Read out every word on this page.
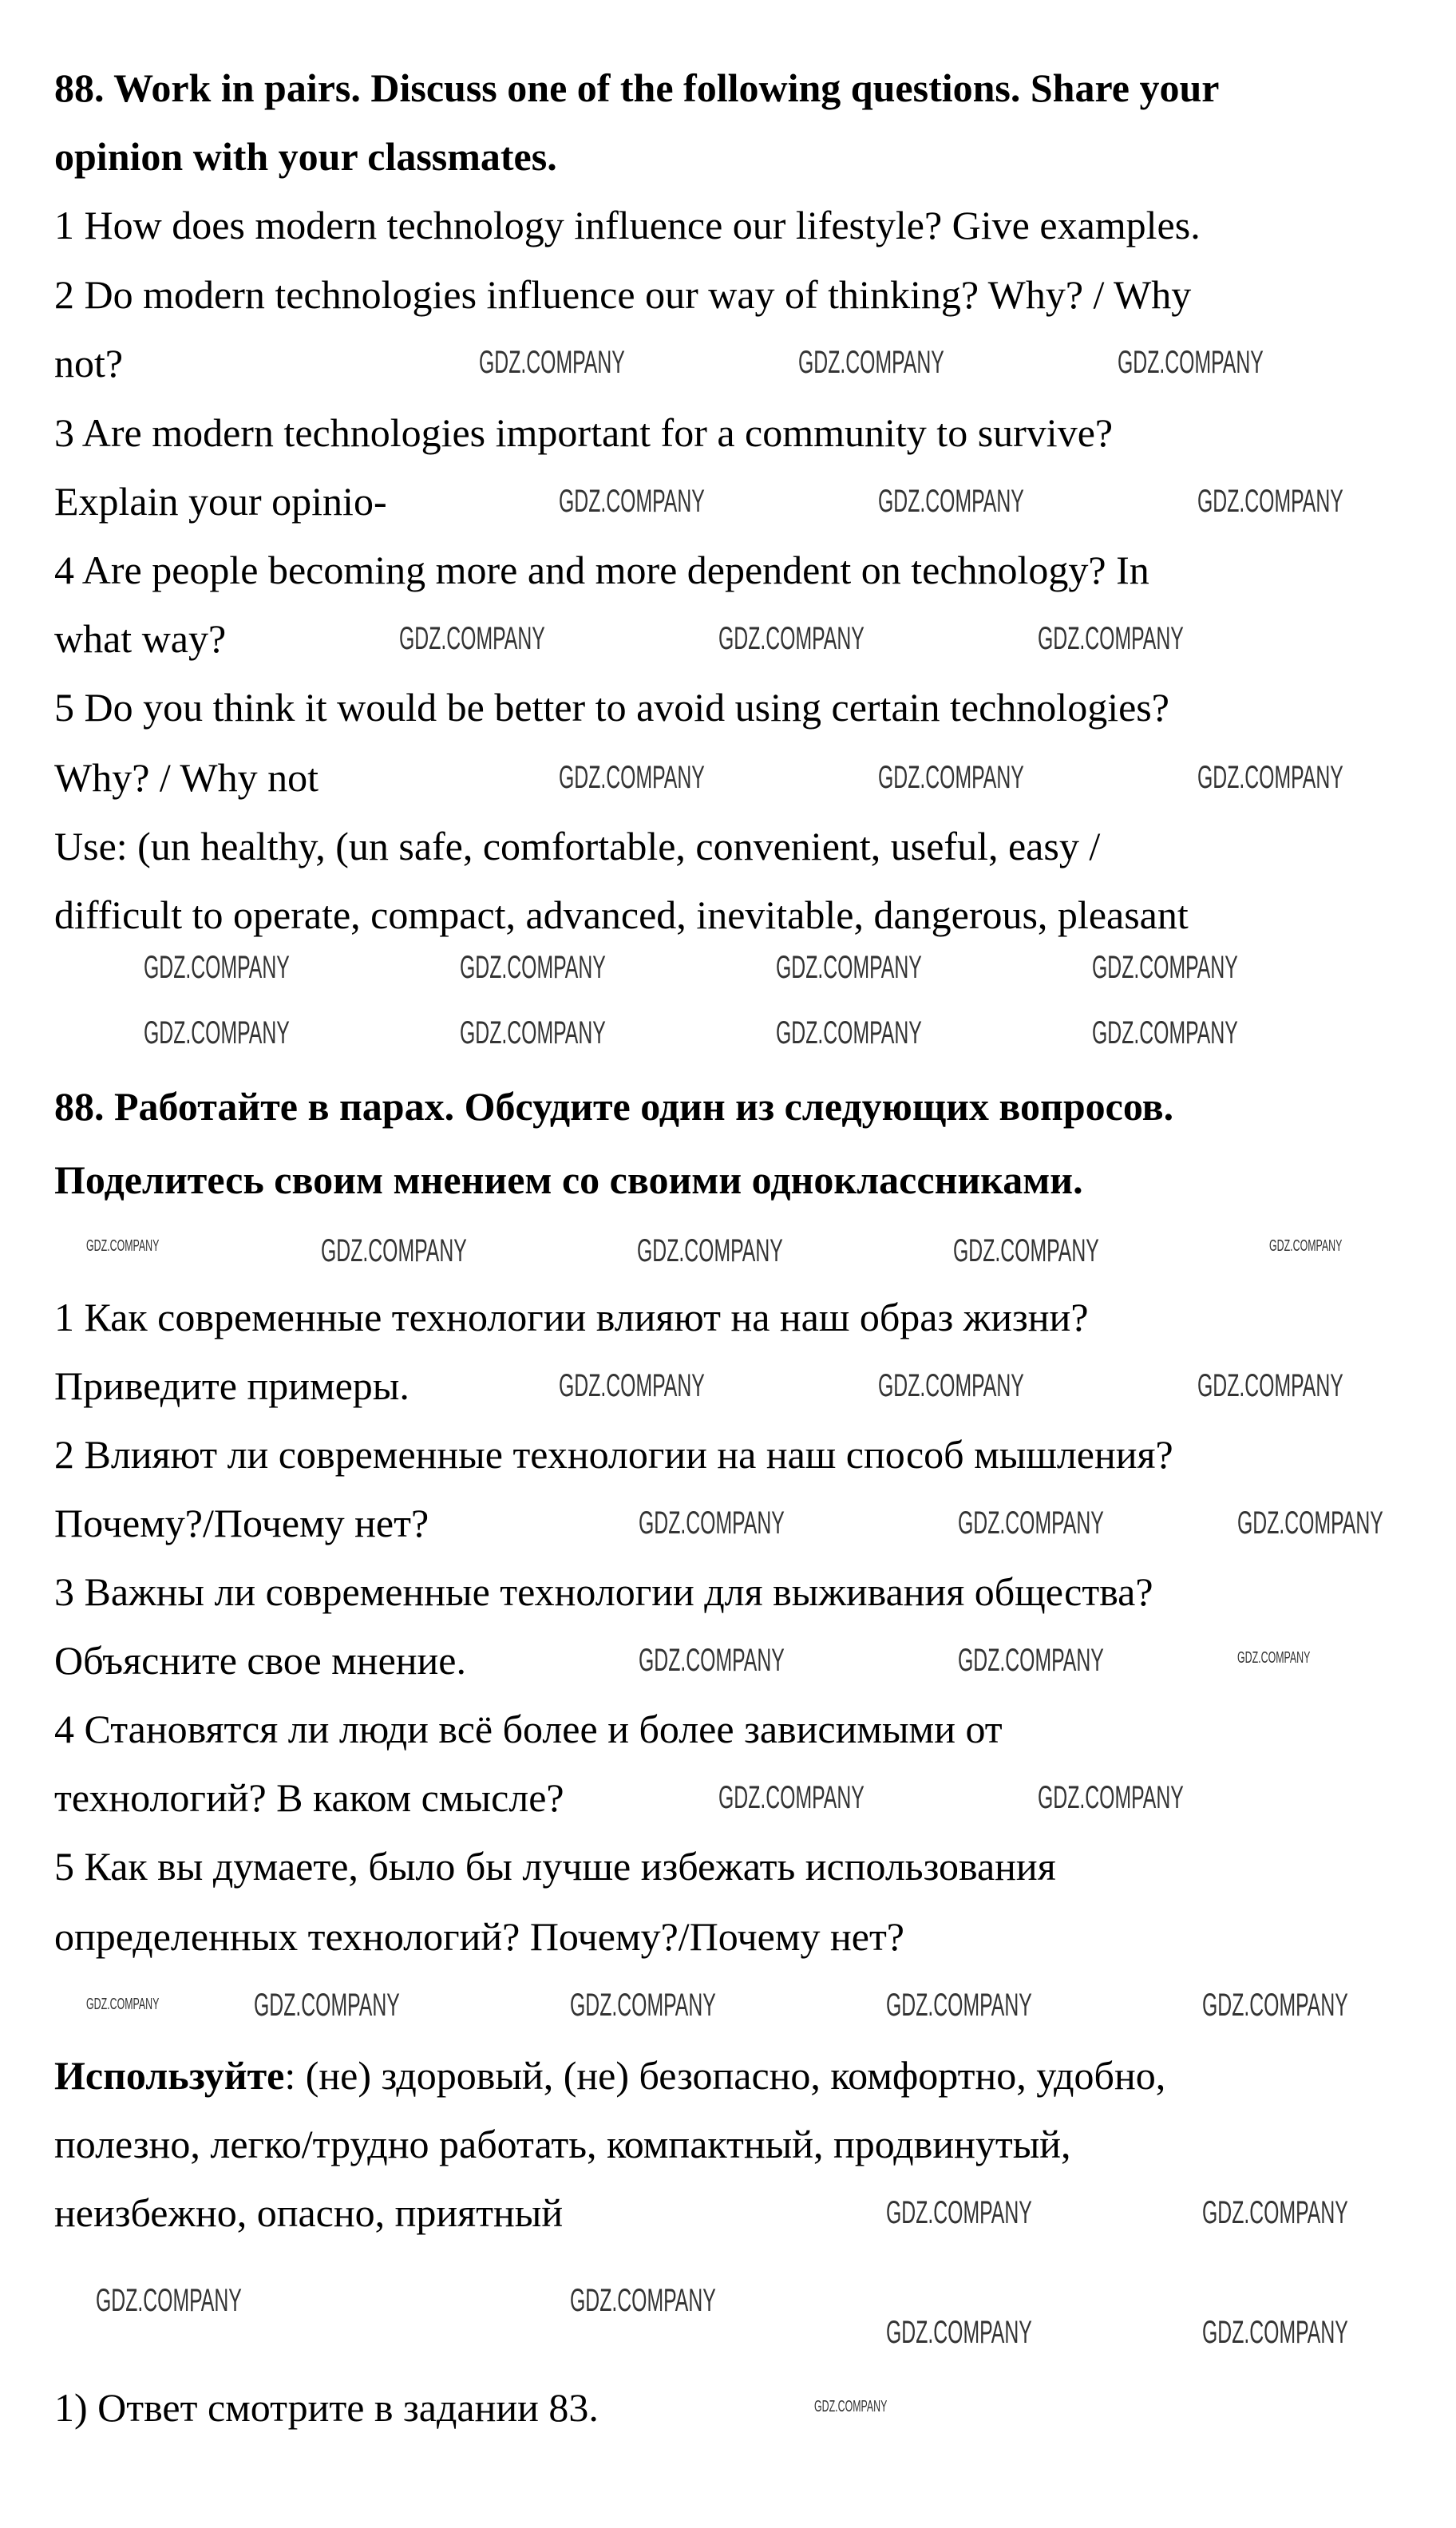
88. Work in pairs. Discuss one of the following questions. Share your
opinion with your classmates.
1 How does modern technology influence our lifestyle? Give examples.
2 Do modern technologies influence our way of thinking? Why? / Why
not?
3 Are modern technologies important for a community to survive?
Explain your opinio-
4 Are people becoming more and more dependent on technology? In
what way?
5 Do you think it would be better to avoid using certain technologies?
Why? / Why not
Use: (un healthy, (un safe, comfortable, convenient, useful, easy /
difficult to operate, compact, advanced, inevitable, dangerous, pleasant
88. Работайте в парах. Обсудите один из следующих вопросов.
Поделитесь своим мнением со своими одноклассниками.
1 Как современные технологии влияют на наш образ жизни?
Приведите примеры.
2 Влияют ли современные технологии на наш способ мышления?
Почему?/Почему нет?
3 Важны ли современные технологии для выживания общества?
Объясните свое мнение.
4 Становятся ли люди всё более и более зависимыми от
технологий? В каком смысле?
5 Как вы думаете, было бы лучше избежать использования
определенных технологий? Почему?/Почему нет?
Используйте: (не) здоровый, (не) безопасно, комфортно, удобно,
полезно, легко/трудно работать, компактный, продвинутый,
неизбежно, опасно, приятный
1) Ответ смотрите в задании 83.
GDZ.COMPANY	GDZ.COMPANY	GDZ.COMPANY
GDZ.COMPANY	GDZ.COMPANY	GDZ.COMPANY
GDZ.COMPANY	GDZ.COMPANY	GDZ.COMPANY
GDZ.COMPANY	GDZ.COMPANY	GDZ.COMPANY
GDZ.COMPANY	GDZ.COMPANY	GDZ.COMPANY	GDZ.COMPANY
GDZ.COMPANY	GDZ.COMPANY	GDZ.COMPANY	GDZ.COMPANY
GDZ.COMPANY	GDZ.COMPANY	GDZ.COMPANY	GDZ.COMPANY	GDZ.COMPANY
GDZ.COMPANY	GDZ.COMPANY	GDZ.COMPANY
GDZ.COMPANY	GDZ.COMPANY	GDZ.COMPANY
GDZ.COMPANY	GDZ.COMPANY	GDZ.COMPANY
GDZ.COMPANY	GDZ.COMPANY
GDZ.COMPANY	GDZ.COMPANY	GDZ.COMPANY	GDZ.COMPANY	GDZ.COMPANY
GDZ.COMPANY	GDZ.COMPANY
GDZ.COMPANY	GDZ.COMPANY
GDZ.COMPANY	GDZ.COMPANY
GDZ.COMPANY
